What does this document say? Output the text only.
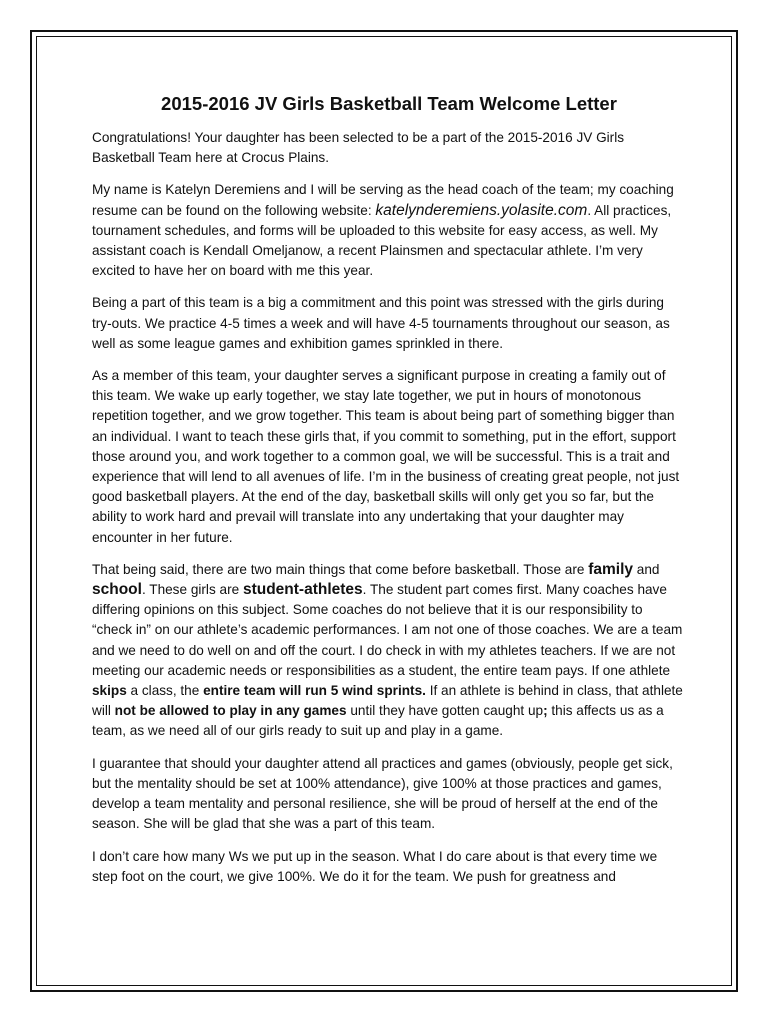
2015-2016 JV Girls Basketball Team Welcome Letter

Congratulations! Your daughter has been selected to be a part of the 2015-2016 JV Girls Basketball Team here at Crocus Plains.

My name is Katelyn Deremiens and I will be serving as the head coach of the team; my coaching resume can be found on the following website: katelynderemiens.yolasite.com. All practices, tournament schedules, and forms will be uploaded to this website for easy access, as well. My assistant coach is Kendall Omeljanow, a recent Plainsmen and spectacular athlete. I’m very excited to have her on board with me this year.

Being a part of this team is a big a commitment and this point was stressed with the girls during try-outs. We practice 4-5 times a week and will have 4-5 tournaments throughout our season, as well as some league games and exhibition games sprinkled in there.

As a member of this team, your daughter serves a significant purpose in creating a family out of this team. We wake up early together, we stay late together, we put in hours of monotonous repetition together, and we grow together. This team is about being part of something bigger than an individual. I want to teach these girls that, if you commit to something, put in the effort, support those around you, and work together to a common goal, we will be successful. This is a trait and experience that will lend to all avenues of life. I’m in the business of creating great people, not just good basketball players. At the end of the day, basketball skills will only get you so far, but the ability to work hard and prevail will translate into any undertaking that your daughter may encounter in her future.

That being said, there are two main things that come before basketball. Those are family and school. These girls are student-athletes. The student part comes first. Many coaches have differing opinions on this subject. Some coaches do not believe that it is our responsibility to “check in” on our athlete’s academic performances. I am not one of those coaches. We are a team and we need to do well on and off the court. I do check in with my athletes teachers. If we are not meeting our academic needs or responsibilities as a student, the entire team pays. If one athlete skips a class, the entire team will run 5 wind sprints. If an athlete is behind in class, that athlete will not be allowed to play in any games until they have gotten caught up; this affects us as a team, as we need all of our girls ready to suit up and play in a game.

I guarantee that should your daughter attend all practices and games (obviously, people get sick, but the mentality should be set at 100% attendance), give 100% at those practices and games, develop a team mentality and personal resilience, she will be proud of herself at the end of the season. She will be glad that she was a part of this team.

I don’t care how many Ws we put up in the season. What I do care about is that every time we step foot on the court, we give 100%. We do it for the team. We push for greatness and
